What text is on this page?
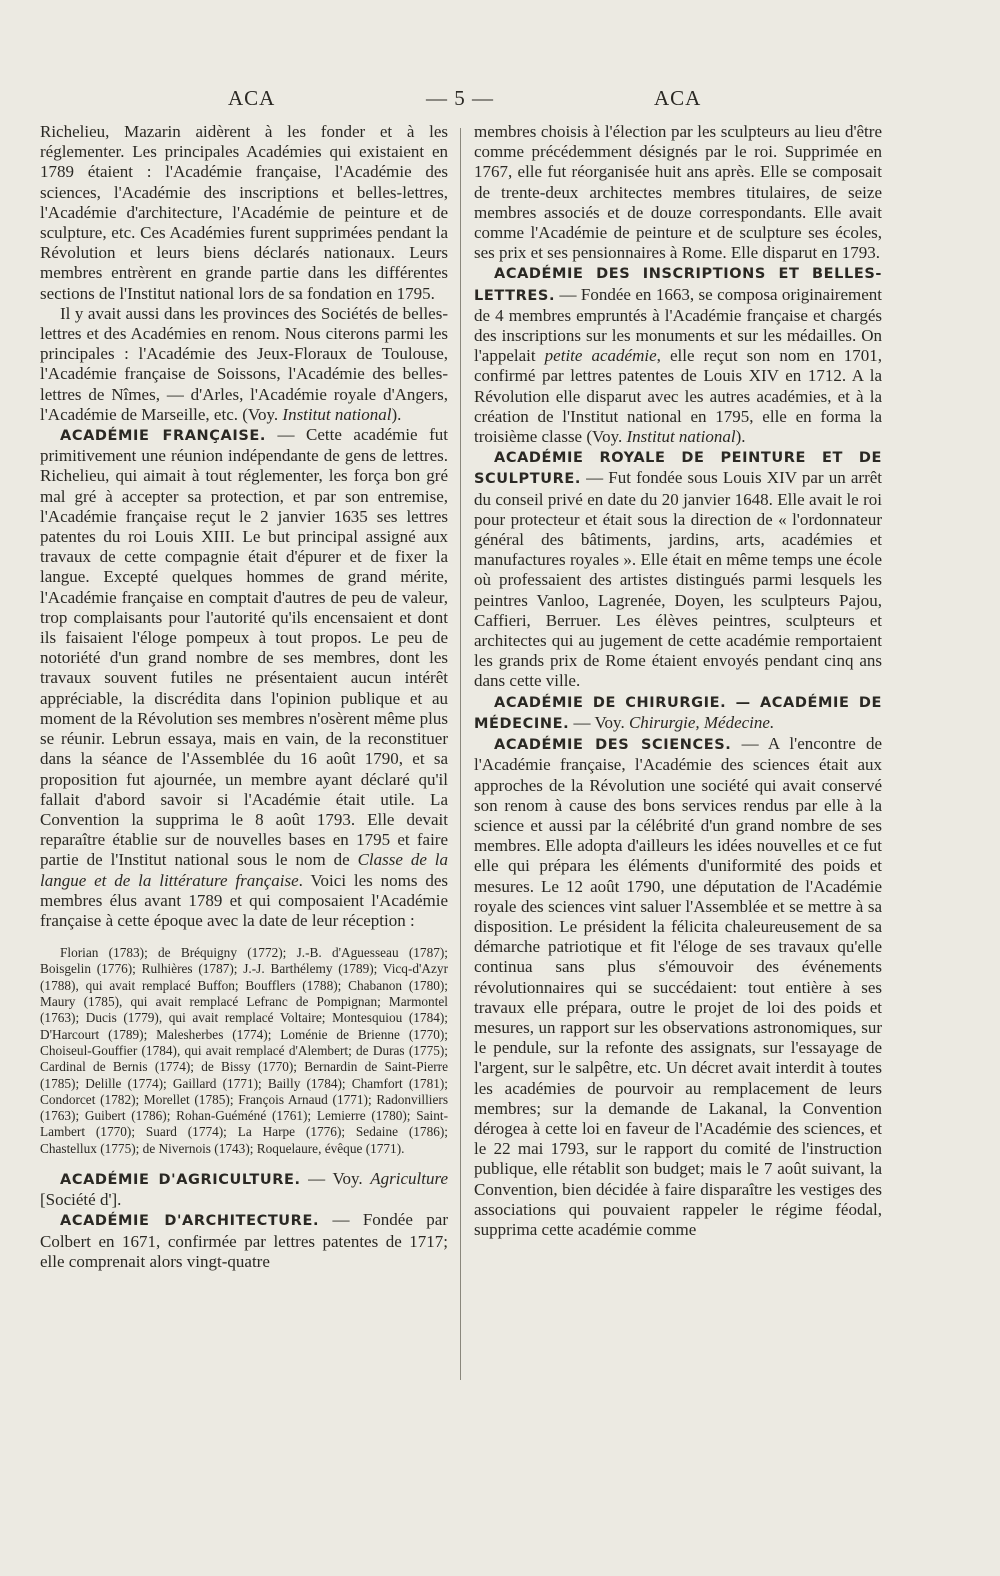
ACA	— 5 —	ACA

Richelieu, Mazarin aidèrent à les fonder et à les réglementer. Les principales Académies qui existaient en 1789 étaient : l'Académie française, l'Académie des sciences, l'Académie des inscriptions et belles-lettres, l'Académie d'architecture, l'Académie de peinture et de sculpture, etc. Ces Académies furent supprimées pendant la Révolution et leurs biens déclarés nationaux. Leurs membres entrèrent en grande partie dans les différentes sections de l'Institut national lors de sa fondation en 1795.

Il y avait aussi dans les provinces des Sociétés de belles-lettres et des Académies en renom. Nous citerons parmi les principales : l'Académie des Jeux-Floraux de Toulouse, l'Académie française de Soissons, l'Académie des belles-lettres de Nîmes, — d'Arles, l'Académie royale d'Angers, l'Académie de Marseille, etc. (Voy. Institut national).

ACADÉMIE FRANÇAISE. — Cette académie fut primitivement une réunion indépendante de gens de lettres. Richelieu, qui aimait à tout réglementer, les força bon gré mal gré à accepter sa protection, et par son entremise, l'Académie française reçut le 2 janvier 1635 ses lettres patentes du roi Louis XIII. Le but principal assigné aux travaux de cette compagnie était d'épurer et de fixer la langue. Excepté quelques hommes de grand mérite, l'Académie française en comptait d'autres de peu de valeur, trop complaisants pour l'autorité qu'ils encensaient et dont ils faisaient l'éloge pompeux à tout propos. Le peu de notoriété d'un grand nombre de ses membres, dont les travaux souvent futiles ne présentaient aucun intérêt appréciable, la discrédita dans l'opinion publique et au moment de la Révolution ses membres n'osèrent même plus se réunir. Lebrun essaya, mais en vain, de la reconstituer dans la séance de l'Assemblée du 16 août 1790, et sa proposition fut ajournée, un membre ayant déclaré qu'il fallait d'abord savoir si l'Académie était utile. La Convention la supprima le 8 août 1793. Elle devait reparaître établie sur de nouvelles bases en 1795 et faire partie de l'Institut national sous le nom de Classe de la langue et de la littérature française. Voici les noms des membres élus avant 1789 et qui composaient l'Académie française à cette époque avec la date de leur réception :

Florian (1783); de Bréquigny (1772); J.-B. d'Aguesseau (1787); Boisgelin (1776); Rulhières (1787); J.-J. Barthélemy (1789); Vicq-d'Azyr (1788), qui avait remplacé Buffon; Boufflers (1788); Chabanon (1780); Maury (1785), qui avait remplacé Lefranc de Pompignan; Marmontel (1763); Ducis (1779), qui avait remplacé Voltaire; Montesquiou (1784); D'Harcourt (1789); Malesherbes (1774); Loménie de Brienne (1770); Choiseul-Gouffier (1784), qui avait remplacé d'Alembert; de Duras (1775); Cardinal de Bernis (1774); de Bissy (1770); Bernardin de Saint-Pierre (1785); Delille (1774); Gaillard (1771); Bailly (1784); Chamfort (1781); Condorcet (1782); Morellet (1785); François Arnaud (1771); Radonvilliers (1763); Guibert (1786); Rohan-Guéméné (1761); Lemierre (1780); Saint-Lambert (1770); Suard (1774); La Harpe (1776); Sedaine (1786); Chastellux (1775); de Nivernois (1743); Roquelaure, évêque (1771).

ACADÉMIE D'AGRICULTURE. — Voy. Agriculture [Société d'].

ACADÉMIE D'ARCHITECTURE. — Fondée par Colbert en 1671, confirmée par lettres patentes de 1717; elle comprenait alors vingt-quatre

membres choisis à l'élection par les sculpteurs au lieu d'être comme précédemment désignés par le roi. Supprimée en 1767, elle fut réorganisée huit ans après. Elle se composait de trente-deux architectes membres titulaires, de seize membres associés et de douze correspondants. Elle avait comme l'Académie de peinture et de sculpture ses écoles, ses prix et ses pensionnaires à Rome. Elle disparut en 1793.

ACADÉMIE DES INSCRIPTIONS ET BELLES-LETTRES. — Fondée en 1663, se composa originairement de 4 membres empruntés à l'Académie française et chargés des inscriptions sur les monuments et sur les médailles. On l'appelait petite académie, elle reçut son nom en 1701, confirmé par lettres patentes de Louis XIV en 1712. A la Révolution elle disparut avec les autres académies, et à la création de l'Institut national en 1795, elle en forma la troisième classe (Voy. Institut national).

ACADÉMIE ROYALE DE PEINTURE ET DE SCULPTURE. — Fut fondée sous Louis XIV par un arrêt du conseil privé en date du 20 janvier 1648. Elle avait le roi pour protecteur et était sous la direction de « l'ordonnateur général des bâtiments, jardins, arts, académies et manufactures royales ». Elle était en même temps une école où professaient des artistes distingués parmi lesquels les peintres Vanloo, Lagrenée, Doyen, les sculpteurs Pajou, Caffieri, Berruer. Les élèves peintres, sculpteurs et architectes qui au jugement de cette académie remportaient les grands prix de Rome étaient envoyés pendant cinq ans dans cette ville.

ACADÉMIE DE CHIRURGIE. — ACADÉMIE DE MÉDECINE. — Voy. Chirurgie, Médecine.

ACADÉMIE DES SCIENCES. — A l'encontre de l'Académie française, l'Académie des sciences était aux approches de la Révolution une société qui avait conservé son renom à cause des bons services rendus par elle à la science et aussi par la célébrité d'un grand nombre de ses membres. Elle adopta d'ailleurs les idées nouvelles et ce fut elle qui prépara les éléments d'uniformité des poids et mesures. Le 12 août 1790, une députation de l'Académie royale des sciences vint saluer l'Assemblée et se mettre à sa disposition. Le président la félicita chaleureusement de sa démarche patriotique et fit l'éloge de ses travaux qu'elle continua sans plus s'émouvoir des événements révolutionnaires qui se succédaient: tout entière à ses travaux elle prépara, outre le projet de loi des poids et mesures, un rapport sur les observations astronomiques, sur le pendule, sur la refonte des assignats, sur l'essayage de l'argent, sur le salpêtre, etc. Un décret avait interdit à toutes les académies de pourvoir au remplacement de leurs membres; sur la demande de Lakanal, la Convention dérogea à cette loi en faveur de l'Académie des sciences, et le 22 mai 1793, sur le rapport du comité de l'instruction publique, elle rétablit son budget; mais le 7 août suivant, la Convention, bien décidée à faire disparaître les vestiges des associations qui pouvaient rappeler le régime féodal, supprima cette académie comme
